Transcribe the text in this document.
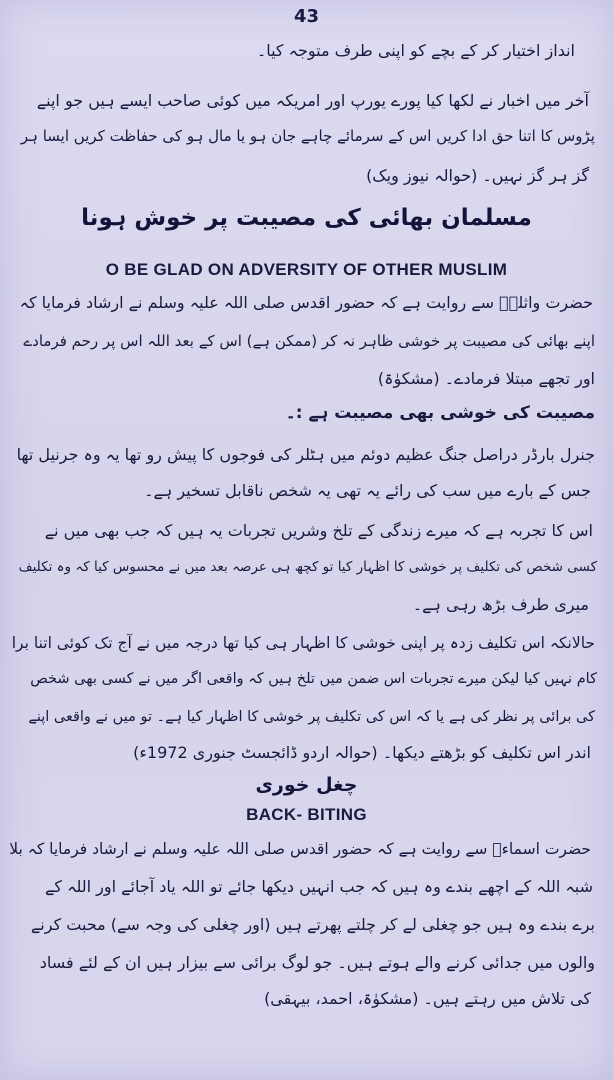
43
انداز اختیار کر کے بچے کو اپنی طرف متوجہ کیا۔
آخر میں اخبار نے لکھا کیا پورے یورپ اور امریکہ میں کوئی صاحب ایسے ہیں جو اپنے
پڑوس کا اتنا حق ادا کریں اس کے سرمائے چاہے جان ہو یا مال ہو کی حفاظت کریں ایسا ہر
گز ہر گز نہیں۔ (حوالہ نیوز ویک)
مسلمان بھائی کی مصیبت پر خوش ہونا
O BE GLAD ON ADVERSITY OF OTHER MUSLIM
حضرت واثلہؓ سے روایت ہے کہ حضور اقدس صلی اللہ علیہ وسلم نے ارشاد فرمایا کہ
اپنے بھائی کی مصیبت پر خوشی ظاہر نہ کر (ممکن ہے) اس کے بعد اللہ اس پر رحم فرمادے
اور تجھے مبتلا فرمادے۔ (مشکوٰۃ)
مصیبت کی خوشی بھی مصیبت ہے :۔
جنرل بارڈر دراصل جنگ عظیم دوئم میں ہٹلر کی فوجوں کا پیش رو تھا یہ وہ جرنیل تھا
جس کے بارے میں سب کی رائے یہ تھی یہ شخص ناقابل تسخیر ہے۔
اس کا تجربہ ہے کہ میرے زندگی کے تلخ وشریں تجربات یہ ہیں کہ جب بھی میں نے
کسی شخص کی تکلیف پر خوشی کا اظہار کیا تو کچھ ہی عرصہ بعد میں نے محسوس کیا کہ وہ تکلیف
میری طرف بڑھ رہی ہے۔
حالانکہ اس تکلیف زدہ پر اپنی خوشی کا اظہار ہی کیا تھا درجہ میں نے آج تک کوئی اتنا برا
کام نہیں کیا لیکن میرے تجربات اس ضمن میں تلخ ہیں کہ واقعی اگر میں نے کسی بھی شخص
کی برائی پر نظر کی ہے یا کہ اس کی تکلیف پر خوشی کا اظہار کیا ہے۔ تو میں نے واقعی اپنے
اندر اس تکلیف کو بڑھتے دیکھا۔ (حوالہ اردو ڈائجسٹ جنوری 1972ء)
چغل خوری
BACK- BITING
حضرت اسماءؓ سے روایت ہے کہ حضور اقدس صلی اللہ علیہ وسلم نے ارشاد فرمایا کہ بلا
شبہ اللہ کے اچھے بندے وہ ہیں کہ جب انہیں دیکھا جائے تو اللہ یاد آجائے اور اللہ کے
برے بندے وہ ہیں جو چغلی لے کر چلتے پھرتے ہیں (اور چغلی کی وجہ سے) محبت کرنے
والوں میں جدائی کرنے والے ہوتے ہیں۔ جو لوگ برائی سے بیزار ہیں ان کے لئے فساد
کی تلاش میں رہتے ہیں۔ (مشکوٰۃ، احمد، بیہقی)
